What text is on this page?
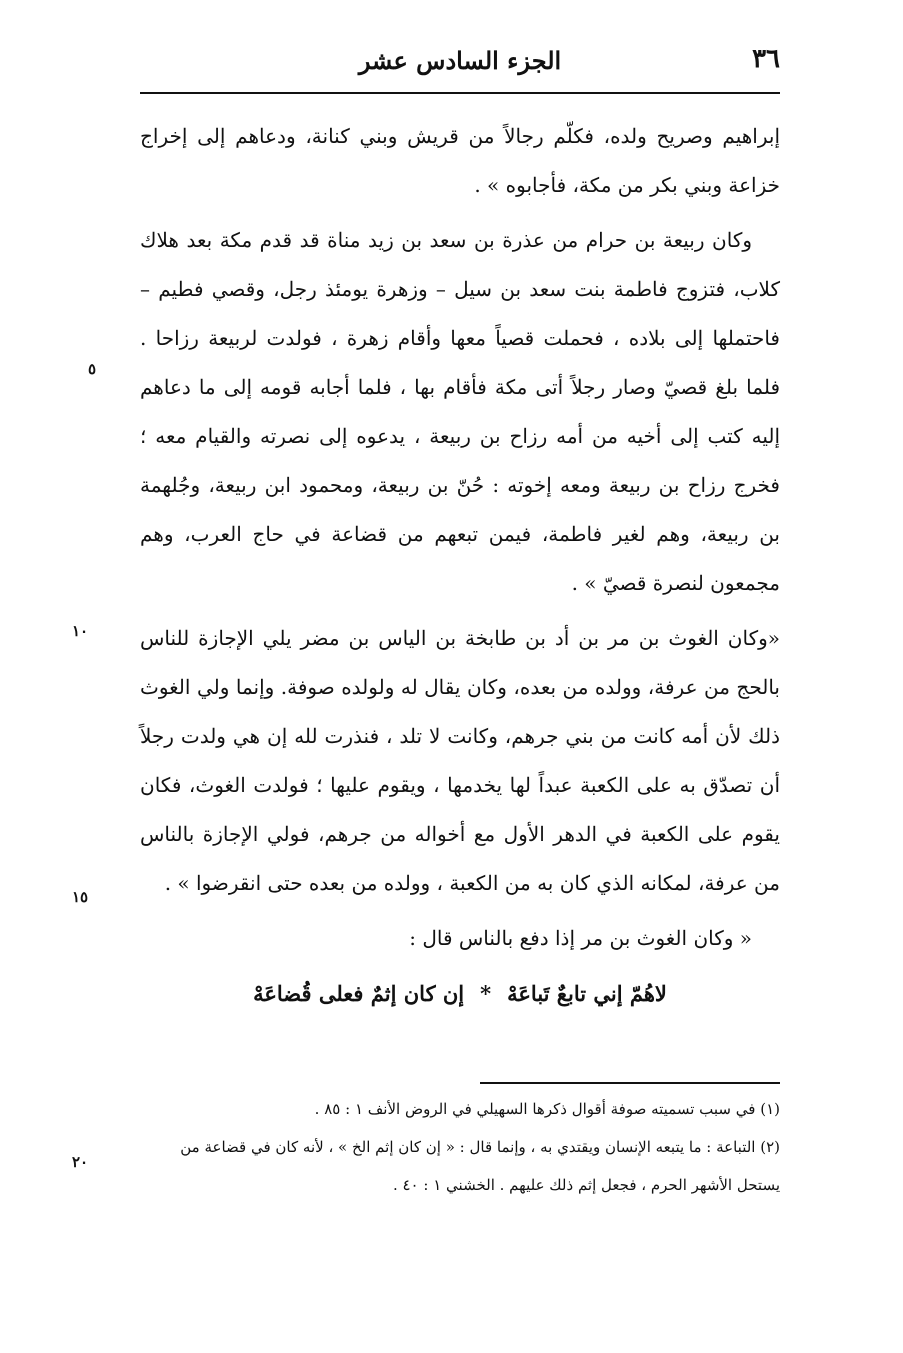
٣٦
الجزء السادس عشر

إبراهيم وصريح ولده، فكلّم رجالاً من قريش وبني كنانة، ودعاهم إلى إخراج خزاعة وبني بكر من مكة، فأجابوه » .

وكان ربيعة بن حرام من عذرة بن سعد بن زيد مناة قد قدم مكة بعد هلاك كلاب، فتزوج فاطمة بنت سعد بن سيل – وزهرة يومئذ رجل، وقصي فطيم – فاحتملها إلى بلاده ، فحملت قصياً معها وأقام زهرة ، فولدت لربيعة رزاحا . فلما بلغ قصيّ وصار رجلاً أتى مكة فأقام بها ، فلما أجابه قومه إلى ما دعاهم إليه كتب إلى أخيه من أمه رزاح بن ربيعة ، يدعوه إلى نصرته والقيام معه ؛ فخرج رزاح بن ربيعة ومعه إخوته : حُنّ بن ربيعة، ومحمود ابن ربيعة، وجُلهمة بن ربيعة، وهم لغير فاطمة، فيمن تبعهم من قضاعة في حاج العرب، وهم مجمعون لنصرة قصيّ » .

«وكان الغوث بن مر بن أد بن طابخة بن الياس بن مضر يلي الإجازة للناس بالحج من عرفة، وولده من بعده، وكان يقال له ولولده صوفة. وإنما ولي الغوث ذلك لأن أمه كانت من بني جرهم، وكانت لا تلد ، فنذرت لله إن هي ولدت رجلاً أن تصدّق به على الكعبة عبداً لها يخدمها ، ويقوم عليها ؛ فولدت الغوث، فكان يقوم على الكعبة في الدهر الأول مع أخواله من جرهم، فولي الإجازة بالناس من عرفة، لمكانه الذي كان به من الكعبة ، وولده من بعده حتى انقرضوا » .

« وكان الغوث بن مر إذا دفع بالناس قال :

لاهُمّ إني تابعٌ تَباعَهْ*إن كان إثمٌ فعلى قُضاعَهْ

(١) في سبب تسميته صوفة أقوال ذكرها السهيلي في الروض الأنف ١ : ٨٥ .

(٢) التباعة : ما يتبعه الإنسان ويقتدي به ، وإنما قال : « إن كان إثم الخ » ، لأنه كان في قضاعة من يستحل الأشهر الحرم ، فجعل إثم ذلك عليهم . الخشني ١ : ٤٠ .

٥
١٠
١٥
٢٠
